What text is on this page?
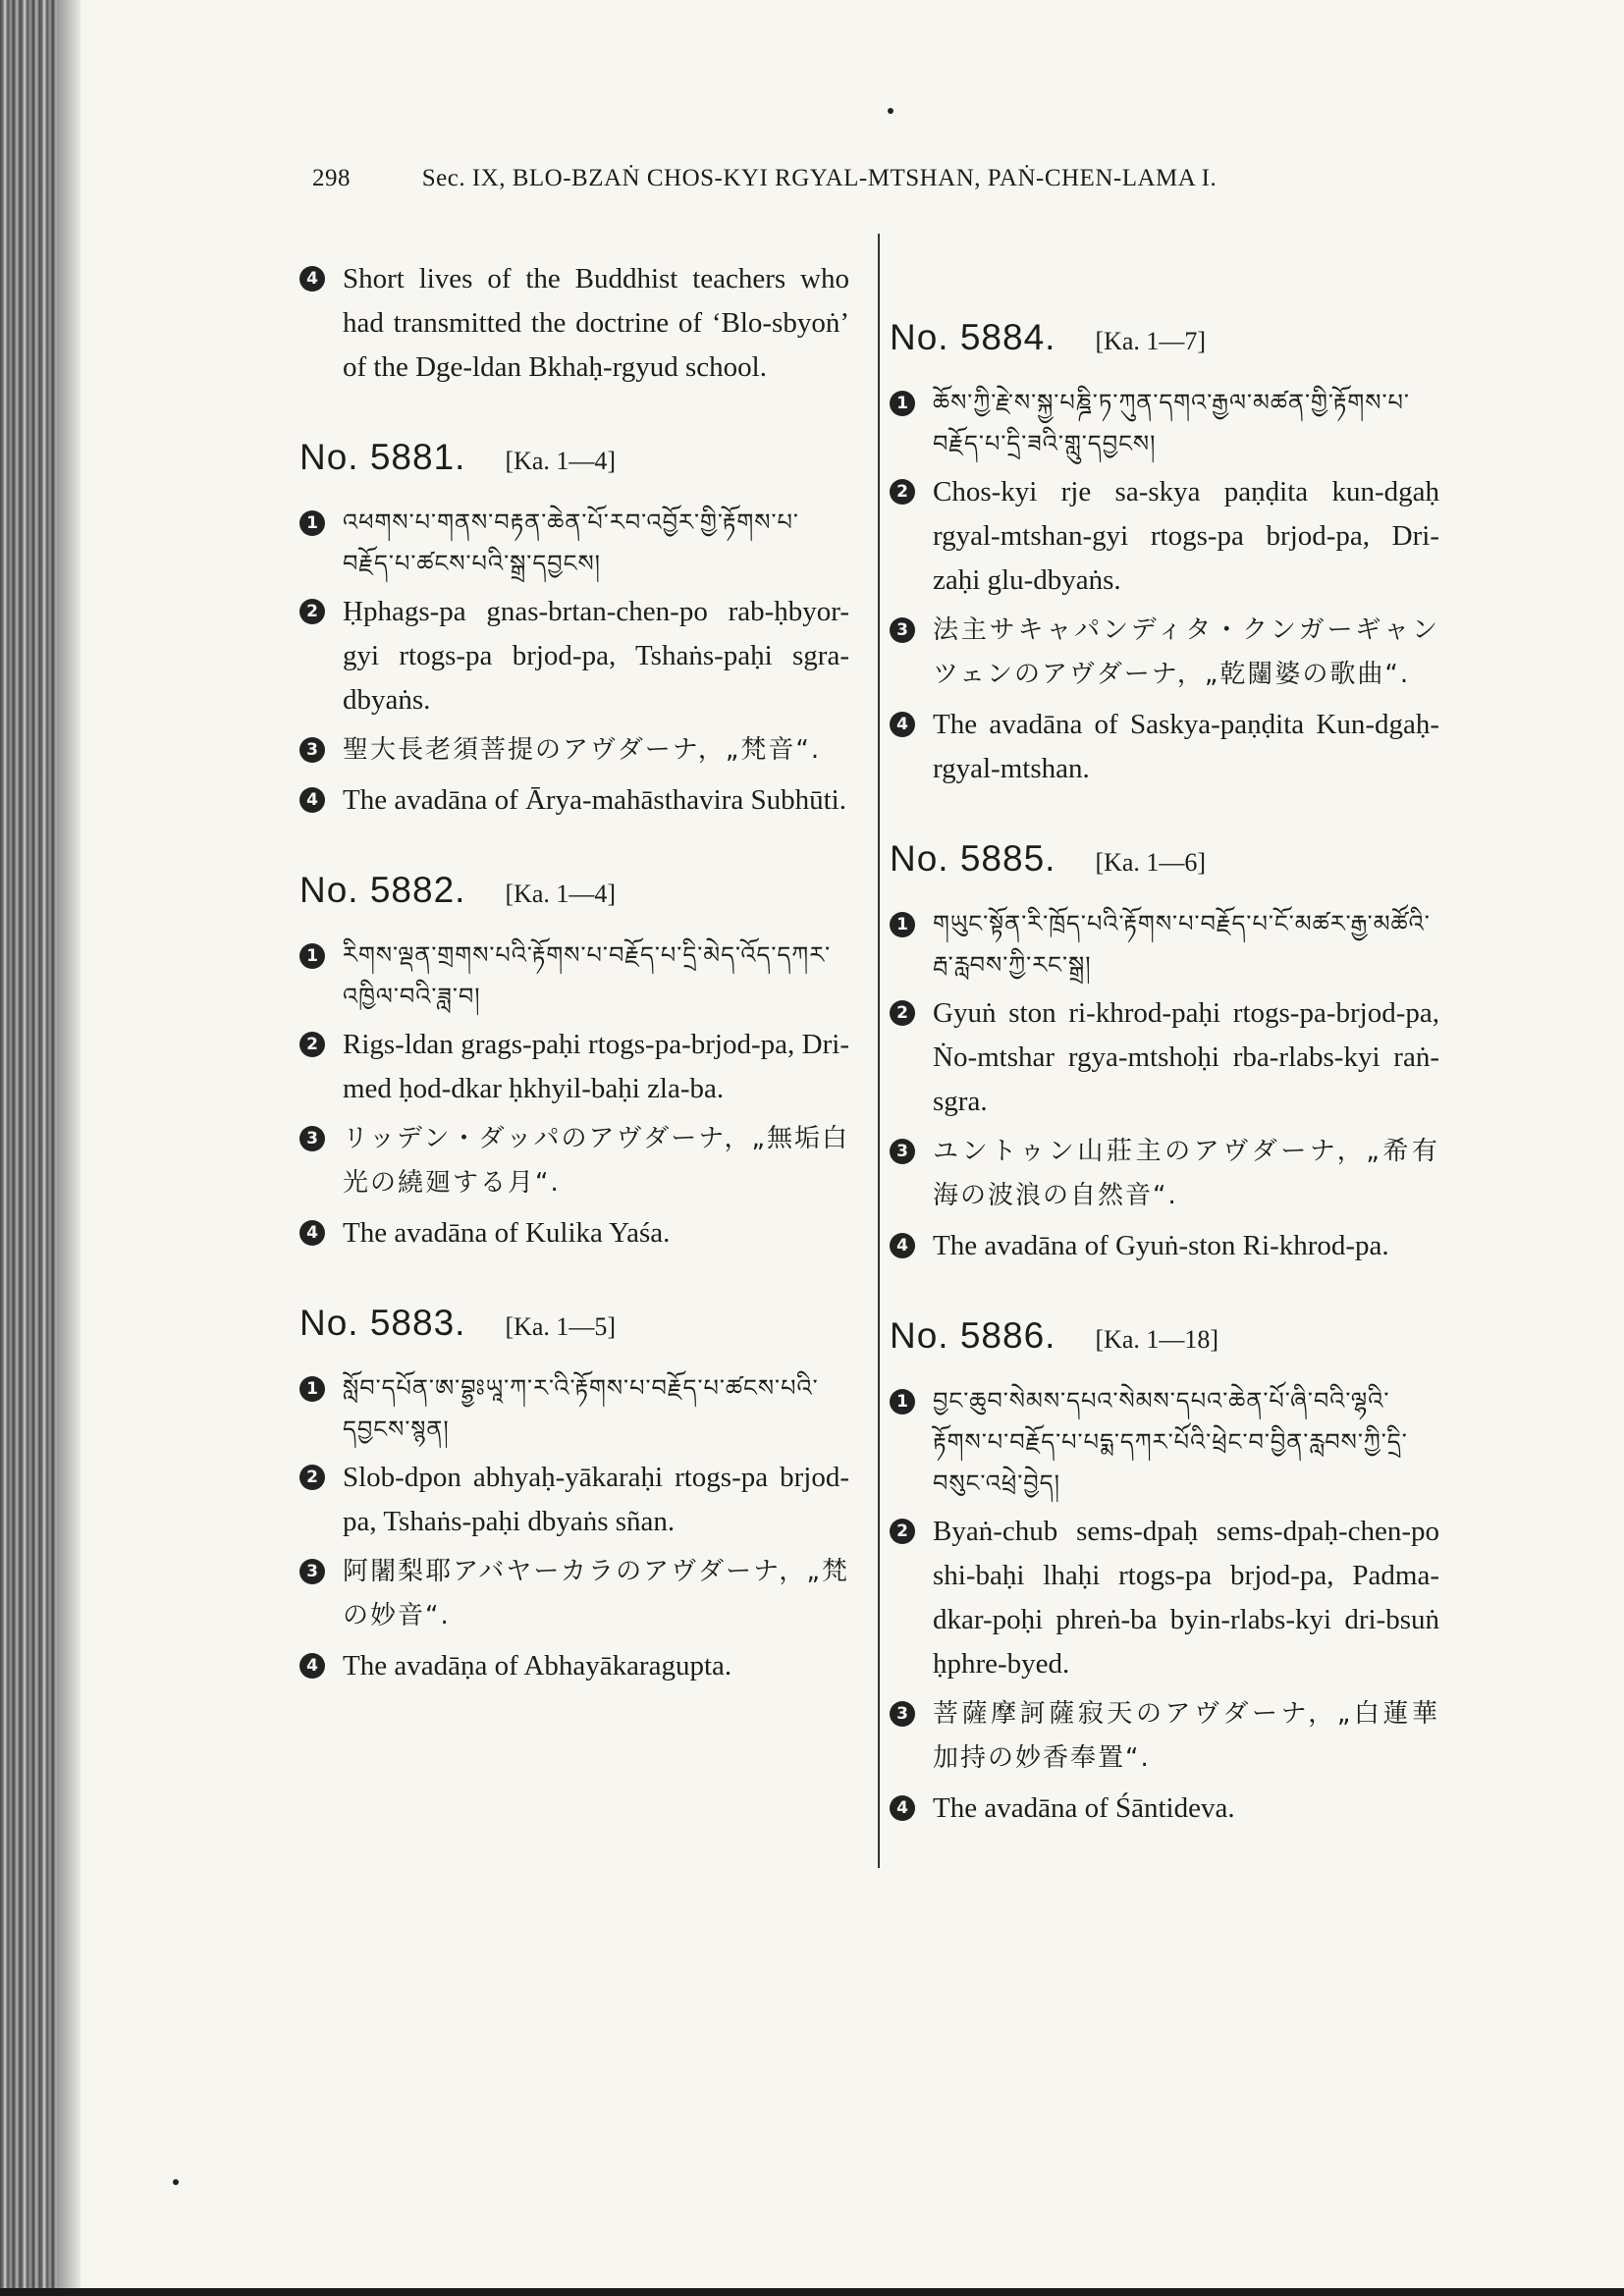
298	Sec. IX, BLO-BZAṄ CHOS-KYI RGYAL-MTSHAN, PAṄ-CHEN-LAMA I.
4 Short lives of the Buddhist teachers who had transmitted the doctrine of ‘Blo-sbyoṅ’ of the Dge-ldan Bkhaḥ-rgyud school.
No. 5881. [Ka. 1—4]
1 འཕགས་པ་གནས་བརྟན་ཆེན་པོ་རབ་འབྱོར་གྱི་རྟོགས་པ་བརྗོད་པ་ཚངས་པའི་སྒྲ་དབྱངས།
2 Ḥphags-pa gnas-brtan-chen-po rab-ḥbyor-gyi rtogs-pa brjod-pa, Tshaṅs-paḥi sgra-dbyaṅs.
3 聖大長老須菩提のアヴダーナ，„梵音“.
4 The avadāna of Ārya-mahāsthavira Subhūti.
No. 5882. [Ka. 1—4]
1 རིགས་ལྡན་གྲགས་པའི་རྟོགས་པ་བརྗོད་པ་དྲི་མེད་འོད་དཀར་འཁྱིལ་བའི་ཟླ་བ།
2 Rigs-ldan grags-paḥi rtogs-pa-brjod-pa, Dri-med ḥod-dkar ḥkhyil-baḥi zla-ba.
3 リッデン・ダッパのアヴダーナ，„無垢白光の繞廻する月“.
4 The avadāna of Kulika Yaśa.
No. 5883. [Ka. 1—5]
1 སློབ་དཔོན་ཨ་བྷྱཿཡཱ་ཀ་ར་འི་རྟོགས་པ་བརྗོད་པ་ཚངས་པའི་དབྱངས་སྙན།
2 Slob-dpon abhyaḥ-yākaraḥi rtogs-pa brjod-pa, Tshaṅs-paḥi dbyaṅs sñan.
3 阿闍梨耶アバヤーカラのアヴダーナ，„梵の妙音“.
4 The avadāṇa of Abhayākaragupta.
No. 5884. [Ka. 1—7]
1 ཆོས་ཀྱི་རྗེ་ས་སྐྱ་པཎྜི་ཏ་ཀུན་དགའ་རྒྱལ་མཚན་གྱི་རྟོགས་པ་བརྗོད་པ་དྲི་ཟའི་གླུ་དབྱངས།
2 Chos-kyi rje sa-skya paṇḍita kun-dgaḥ rgyal-mtshan-gyi rtogs-pa brjod-pa, Dri-zaḥi glu-dbyaṅs.
3 法主サキャパンディタ・クンガーギャンツェンのアヴダーナ，„乾闥婆の歌曲“.
4 The avadāna of Saskya-paṇḍita Kun-dgaḥ-rgyal-mtshan.
No. 5885. [Ka. 1—6]
1 གཡུང་སྟོན་རི་ཁྲོད་པའི་རྟོགས་པ་བརྗོད་པ་ངོ་མཚར་རྒྱ་མཚོའི་རྦ་རླབས་ཀྱི་རང་སྒྲ།
2 Gyuṅ ston ri-khrod-paḥi rtogs-pa-brjod-pa, Ṅo-mtshar rgya-mtshoḥi rba-rlabs-kyi raṅ-sgra.
3 ユントゥン山莊主のアヴダーナ，„希有海の波浪の自然音“.
4 The avadāna of Gyuṅ-ston Ri-khrod-pa.
No. 5886. [Ka. 1—18]
1 བྱང་ཆུབ་སེམས་དཔའ་སེམས་དཔའ་ཆེན་པོ་ཞི་བའི་ལྷའི་རྟོགས་པ་བརྗོད་པ་པདྨ་དཀར་པོའི་ཕྲེང་བ་བྱིན་རླབས་ཀྱི་དྲི་བསུང་འཕྲེ་བྱེད།
2 Byaṅ-chub sems-dpaḥ sems-dpaḥ-chen-po shi-baḥi lhaḥi rtogs-pa brjod-pa, Padma-dkar-poḥi phreṅ-ba byin-rlabs-kyi dri-bsuṅ ḥphre-byed.
3 菩薩摩訶薩寂天のアヴダーナ，„白蓮華加持の妙香奉置“.
4 The avadāna of Śāntideva.
